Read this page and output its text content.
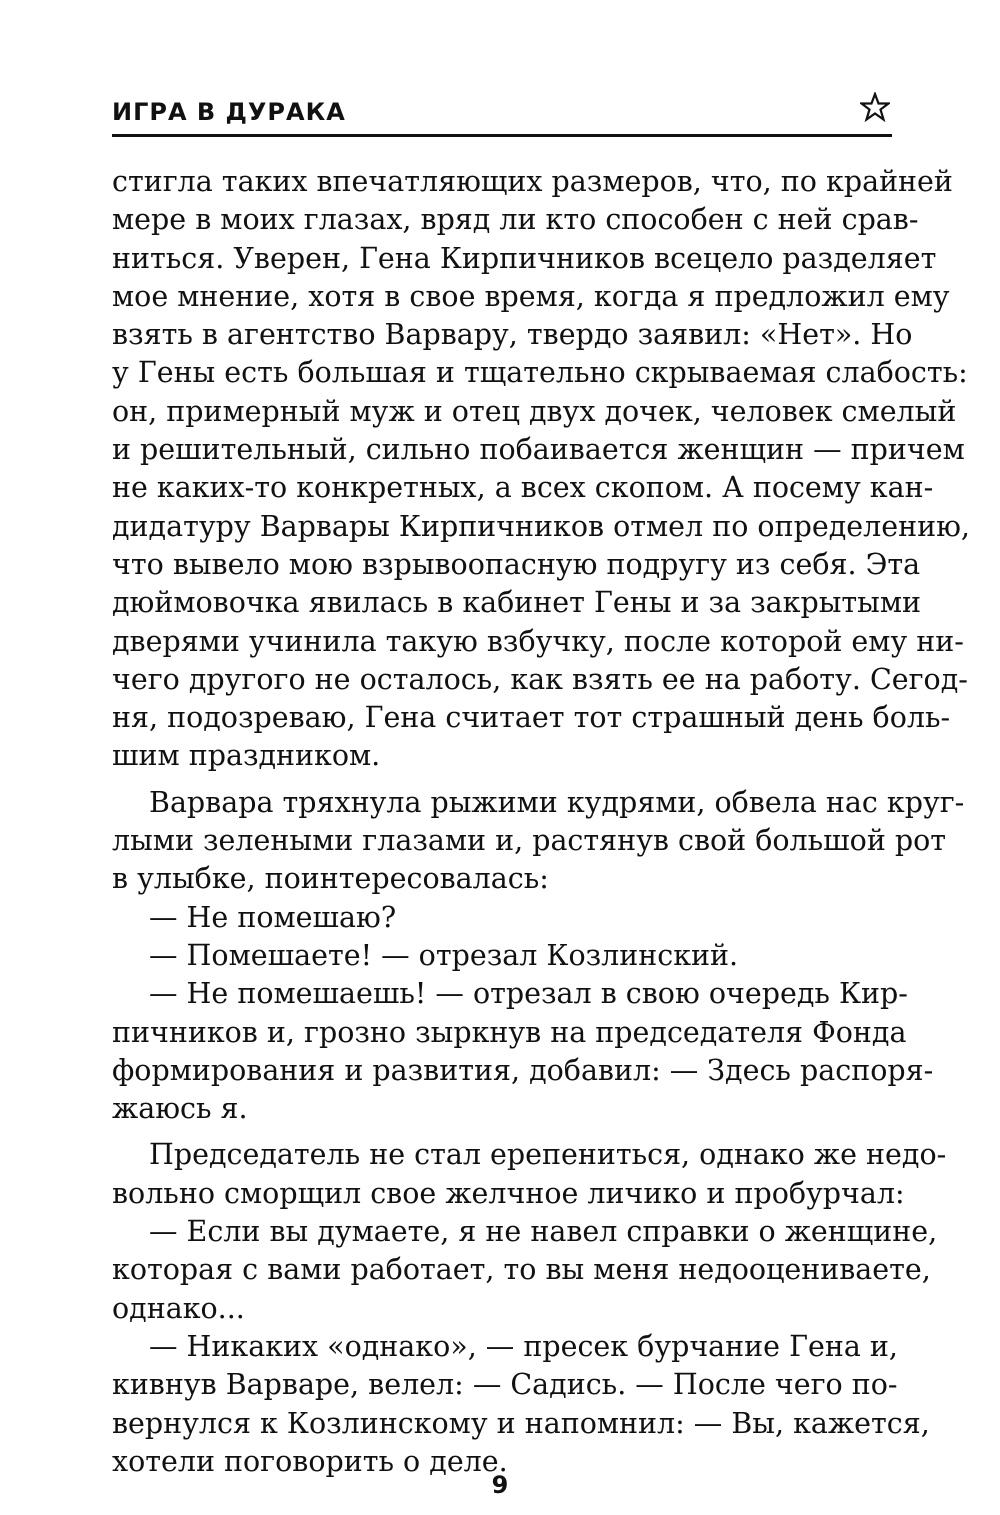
ИГРА В ДУРАКА
стигла таких впечатляющих размеров, что, по крайней
мере в моих глазах, вряд ли кто способен с ней срав-
ниться. Уверен, Гена Кирпичников всецело разделяет
мое мнение, хотя в свое время, когда я предложил ему
взять в агентство Варвару, твердо заявил: «Нет». Но
у Гены есть большая и тщательно скрываемая слабость:
он, примерный муж и отец двух дочек, человек смелый
и решительный, сильно побаивается женщин — причем
не каких-то конкретных, а всех скопом. А посему кан-
дидатуру Варвары Кирпичников отмел по определению,
что вывело мою взрывоопасную подругу из себя. Эта
дюймовочка явилась в кабинет Гены и за закрытыми
дверями учинила такую взбучку, после которой ему ни-
чего другого не осталось, как взять ее на работу. Сегод-
ня, подозреваю, Гена считает тот страшный день боль-
шим праздником.
Варвара тряхнула рыжими кудрями, обвела нас круг-
лыми зелеными глазами и, растянув свой большой рот
в улыбке, поинтересовалась:
— Не помешаю?
— Помешаете! — отрезал Козлинский.
— Не помешаешь! — отрезал в свою очередь Кир-
пичников и, грозно зыркнув на председателя Фонда
формирования и развития, добавил: — Здесь распоря-
жаюсь я.
Председатель не стал ерепениться, однако же недо-
вольно сморщил свое желчное личико и пробурчал:
— Если вы думаете, я не навел справки о женщине,
которая с вами работает, то вы меня недооцениваете,
однако...
— Никаких «однако», — пресек бурчание Гена и,
кивнув Варваре, велел: — Садись. — После чего по-
вернулся к Козлинскому и напомнил: — Вы, кажется,
хотели поговорить о деле.
9
